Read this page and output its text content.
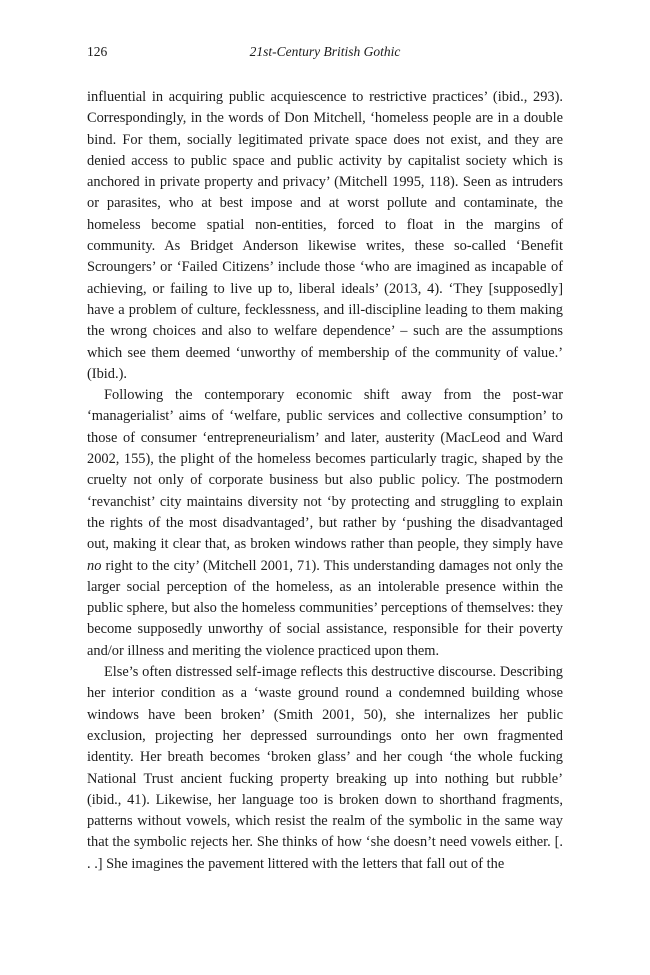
126	21st-Century British Gothic

influential in acquiring public acquiescence to restrictive practices’ (ibid., 293). Correspondingly, in the words of Don Mitchell, ‘homeless people are in a double bind. For them, socially legitimated private space does not exist, and they are denied access to public space and public activity by capitalist society which is anchored in private property and privacy’ (Mitchell 1995, 118). Seen as intruders or parasites, who at best impose and at worst pollute and contaminate, the homeless become spatial non-entities, forced to float in the margins of community. As Bridget Anderson likewise writes, these so-called ‘Benefit Scroungers’ or ‘Failed Citizens’ include those ‘who are imagined as incapable of achieving, or failing to live up to, liberal ideals’ (2013, 4). ‘They [supposedly] have a problem of culture, fecklessness, and ill-discipline leading to them making the wrong choices and also to welfare dependence’ – such are the assumptions which see them deemed ‘unworthy of membership of the community of value.’ (Ibid.).

Following the contemporary economic shift away from the post-war ‘managerialist’ aims of ‘welfare, public services and collective consumption’ to those of consumer ‘entrepreneurialism’ and later, austerity (MacLeod and Ward 2002, 155), the plight of the homeless becomes particularly tragic, shaped by the cruelty not only of corporate business but also public policy. The postmodern ‘revanchist’ city maintains diversity not ‘by protecting and struggling to explain the rights of the most disadvantaged’, but rather by ‘pushing the disadvantaged out, making it clear that, as broken windows rather than people, they simply have no right to the city’ (Mitchell 2001, 71). This understanding damages not only the larger social perception of the homeless, as an intolerable presence within the public sphere, but also the homeless communities’ perceptions of themselves: they become supposedly unworthy of social assistance, responsible for their poverty and/or illness and meriting the violence practiced upon them.

Else’s often distressed self-image reflects this destructive discourse. Describing her interior condition as a ‘waste ground round a condemned building whose windows have been broken’ (Smith 2001, 50), she internalizes her public exclusion, projecting her depressed surroundings onto her own fragmented identity. Her breath becomes ‘broken glass’ and her cough ‘the whole fucking National Trust ancient fucking property breaking up into nothing but rubble’ (ibid., 41). Likewise, her language too is broken down to shorthand fragments, patterns without vowels, which resist the realm of the symbolic in the same way that the symbolic rejects her. She thinks of how ‘she doesn’t need vowels either. [. . .] She imagines the pavement littered with the letters that fall out of the
